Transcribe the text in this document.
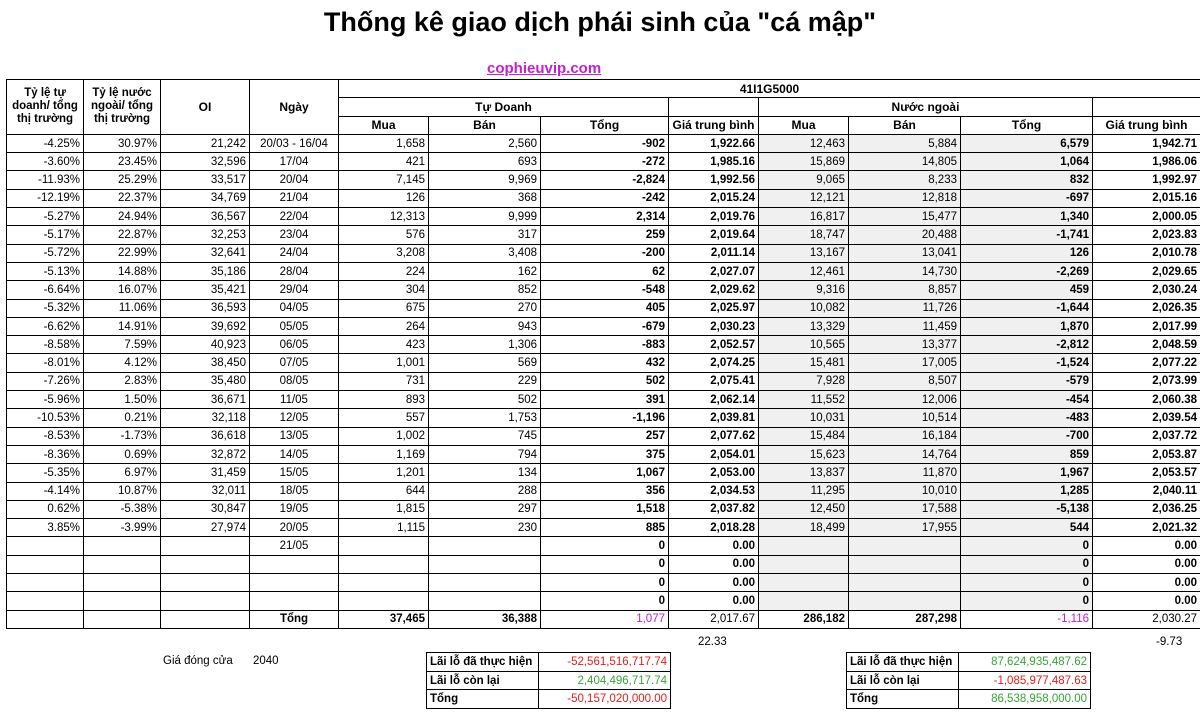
Thống kê giao dịch phái sinh của "cá mập"
cophieuvip.com
Tỷ lệ tự doanh/ tổng thị trường	Tỷ lệ nước ngoài/ tổng thị trường	OI	Ngày	41I1G5000							
				Tự Doanh				Nước ngoài			
				Mua	Bán	Tổng	Giá trung bình	Mua	Bán	Tổng	Giá trung bình
-4.25%	30.97%	21,242	20/03 - 16/04	1,658	2,560	-902	1,922.66	12,463	5,884	6,579	1,942.71
-3.60%	23.45%	32,596	17/04	421	693	-272	1,985.16	15,869	14,805	1,064	1,986.06
-11.93%	25.29%	33,517	20/04	7,145	9,969	-2,824	1,992.56	9,065	8,233	832	1,992.97
-12.19%	22.37%	34,769	21/04	126	368	-242	2,015.24	12,121	12,818	-697	2,015.16
-5.27%	24.94%	36,567	22/04	12,313	9,999	2,314	2,019.76	16,817	15,477	1,340	2,000.05
-5.17%	22.87%	32,253	23/04	576	317	259	2,019.64	18,747	20,488	-1,741	2,023.83
-5.72%	22.99%	32,641	24/04	3,208	3,408	-200	2,011.14	13,167	13,041	126	2,010.78
-5.13%	14.88%	35,186	28/04	224	162	62	2,027.07	12,461	14,730	-2,269	2,029.65
-6.64%	16.07%	35,421	29/04	304	852	-548	2,029.62	9,316	8,857	459	2,030.24
-5.32%	11.06%	36,593	04/05	675	270	405	2,025.97	10,082	11,726	-1,644	2,026.35
-6.62%	14.91%	39,692	05/05	264	943	-679	2,030.23	13,329	11,459	1,870	2,017.99
-8.58%	7.59%	40,923	06/05	423	1,306	-883	2,052.57	10,565	13,377	-2,812	2,048.59
-8.01%	4.12%	38,450	07/05	1,001	569	432	2,074.25	15,481	17,005	-1,524	2,077.22
-7.26%	2.83%	35,480	08/05	731	229	502	2,075.41	7,928	8,507	-579	2,073.99
-5.96%	1.50%	36,671	11/05	893	502	391	2,062.14	11,552	12,006	-454	2,060.38
-10.53%	0.21%	32,118	12/05	557	1,753	-1,196	2,039.81	10,031	10,514	-483	2,039.54
-8.53%	-1.73%	36,618	13/05	1,002	745	257	2,077.62	15,484	16,184	-700	2,037.72
-8.36%	0.69%	32,872	14/05	1,169	794	375	2,054.01	15,623	14,764	859	2,053.87
-5.35%	6.97%	31,459	15/05	1,201	134	1,067	2,053.00	13,837	11,870	1,967	2,053.57
-4.14%	10.87%	32,011	18/05	644	288	356	2,034.53	11,295	10,010	1,285	2,040.11
0.62%	-5.38%	30,847	19/05	1,815	297	1,518	2,037.82	12,450	17,588	-5,138	2,036.25
3.85%	-3.99%	27,974	20/05	1,115	230	885	2,018.28	18,499	17,955	544	2,021.32
			21/05			0	0.00			0	0.00
						0	0.00			0	0.00
						0	0.00			0	0.00
						0	0.00			0	0.00
			Tổng	37,465	36,388	1,077	2,017.67	286,182	287,298	-1,116	2,030.27
22.33	-9.73
Giá đóng cửa 2040	Lãi lỗ đã thực hiện	-52,561,516,717.74
Lãi lỗ còn lại	2,404,496,717.74
Tổng	-50,157,020,000.00
Lãi lỗ đã thực hiện	87,624,935,487.62
Lãi lỗ còn lại	-1,085,977,487.63
Tổng	86,538,958,000.00
